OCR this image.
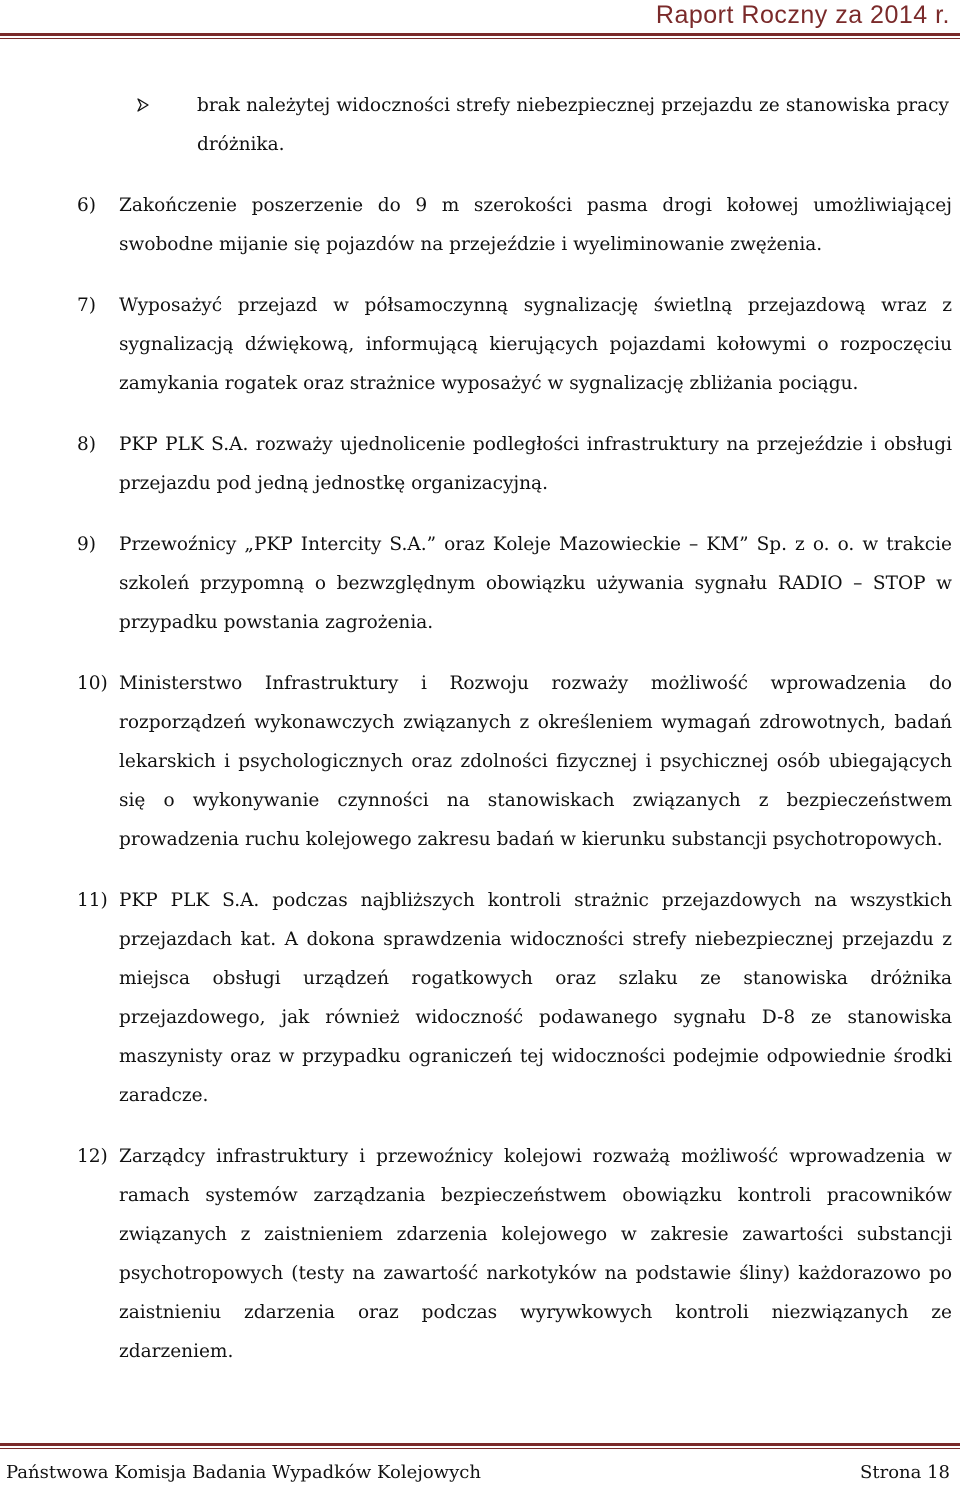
Raport Roczny za 2014 r.
brak należytej widoczności strefy niebezpiecznej przejazdu ze stanowiska pracy dróżnika.
6) Zakończenie poszerzenie do 9 m szerokości pasma drogi kołowej umożliwiającej swobodne mijanie się pojazdów na przejeździe i wyeliminowanie zwężenia.
7) Wyposażyć przejazd w półsamoczynną sygnalizację świetlną przejazdową wraz z sygnalizacją dźwiękową, informującą kierujących pojazdami kołowymi o rozpoczęciu zamykania rogatek oraz strażnice wyposażyć w sygnalizację zbliżania pociągu.
8) PKP PLK S.A. rozważy ujednolicenie podległości infrastruktury na przejeździe i obsługi przejazdu pod jedną jednostkę organizacyjną.
9) Przewoźnicy „PKP Intercity S.A.” oraz Koleje Mazowieckie – KM” Sp. z o. o. w trakcie szkoleń przypomną o bezwzględnym obowiązku używania sygnału RADIO – STOP w przypadku powstania zagrożenia.
10) Ministerstwo Infrastruktury i Rozwoju rozważy możliwość wprowadzenia do rozporządzeń wykonawczych związanych z określeniem wymagań zdrowotnych, badań lekarskich i psychologicznych oraz zdolności fizycznej i psychicznej osób ubiegających się o wykonywanie czynności na stanowiskach związanych z bezpieczeństwem prowadzenia ruchu kolejowego zakresu badań w kierunku substancji psychotropowych.
11) PKP PLK S.A. podczas najbliższych kontroli strażnic przejazdowych na wszystkich przejazdach kat. A dokona sprawdzenia widoczności strefy niebezpiecznej przejazdu z miejsca obsługi urządzeń rogatkowych oraz szlaku ze stanowiska dróżnika przejazdowego, jak również widoczność podawanego sygnału D-8 ze stanowiska maszynisty oraz w przypadku ograniczeń tej widoczności podejmie odpowiednie środki zaradcze.
12) Zarządcy infrastruktury i przewoźnicy kolejowi rozważą możliwość wprowadzenia w ramach systemów zarządzania bezpieczeństwem obowiązku kontroli pracowników związanych z zaistnieniem zdarzenia kolejowego w zakresie zawartości substancji psychotropowych (testy na zawartość narkotyków na podstawie śliny) każdorazowo po zaistnieniu zdarzenia oraz podczas wyrywkowych kontroli niezwiązanych ze zdarzeniem.
Państwowa Komisja Badania Wypadków Kolejowych	Strona 18
